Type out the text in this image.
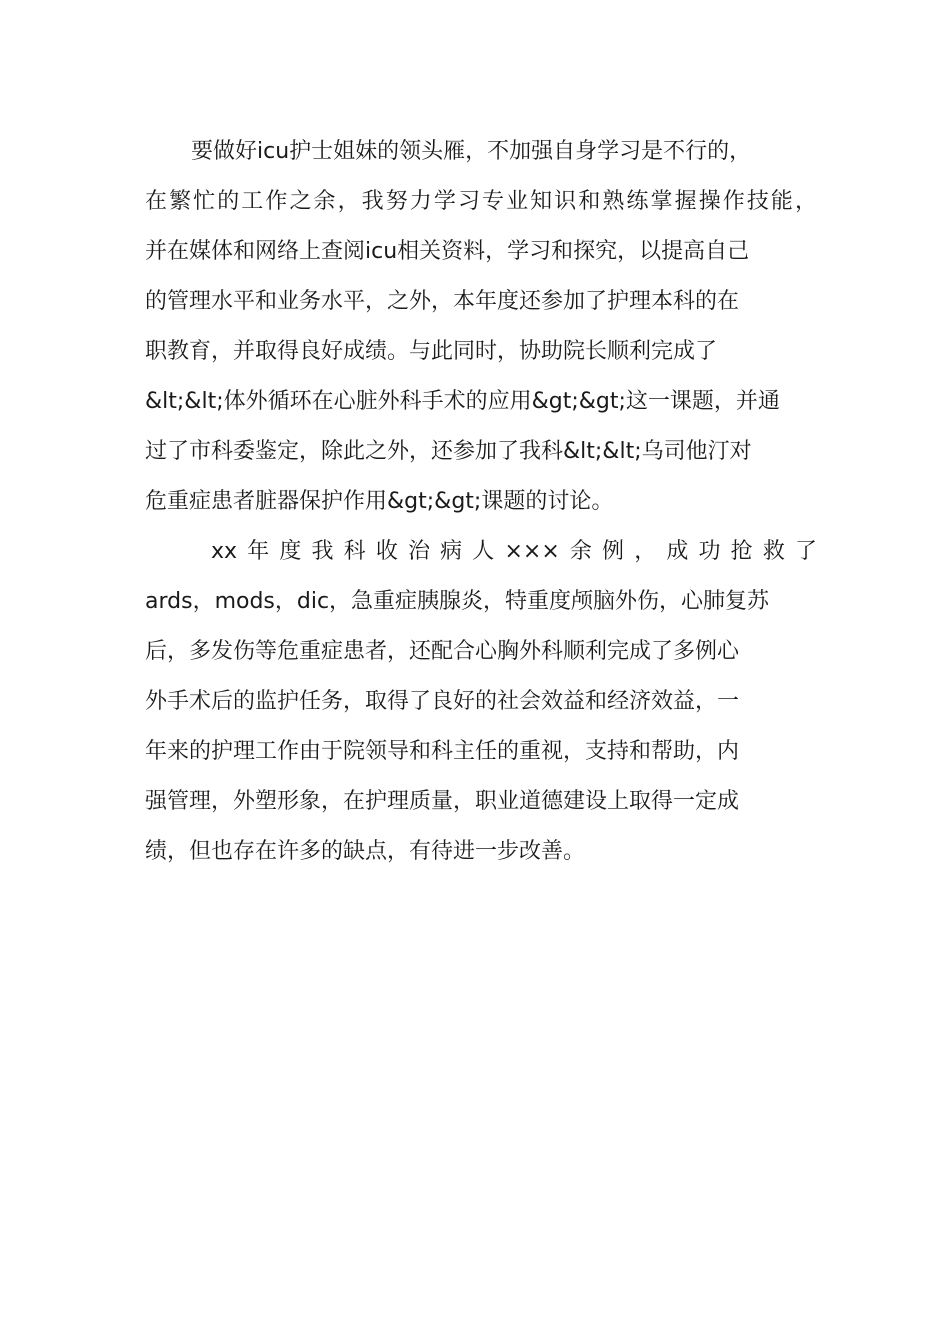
要做好icu护士姐妹的领头雁，不加强自身学习是不行的，
在繁忙的工作之余，我努力学习专业知识和熟练掌握操作技能，
并在媒体和网络上查阅icu相关资料，学习和探究，以提高自己
的管理水平和业务水平，之外，本年度还参加了护理本科的在
职教育，并取得良好成绩。与此同时，协助院长顺利完成了
&lt;&lt;体外循环在心脏外科手术的应用&gt;&gt;这一课题，并通
过了市科委鉴定，除此之外，还参加了我科&lt;&lt;乌司他汀对
危重症患者脏器保护作用&gt;&gt;课题的讨论。
xx年度我科收治病人×××余例，成功抢救了
ards，mods，dic，急重症胰腺炎，特重度颅脑外伤，心肺复苏
后，多发伤等危重症患者，还配合心胸外科顺利完成了多例心
外手术后的监护任务，取得了良好的社会效益和经济效益，一
年来的护理工作由于院领导和科主任的重视，支持和帮助，内
强管理，外塑形象，在护理质量，职业道德建设上取得一定成
绩，但也存在许多的缺点，有待进一步改善。
